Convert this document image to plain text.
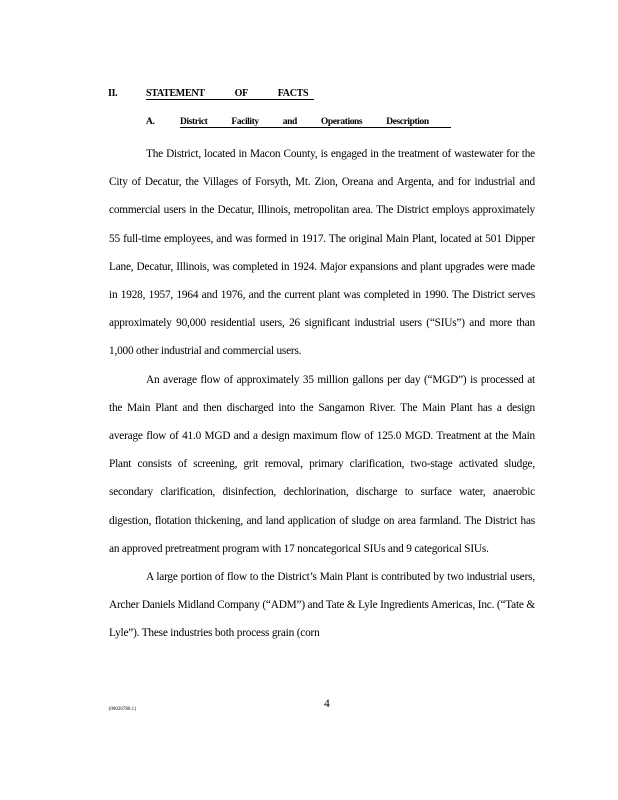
II.	STATEMENT OF FACTS
A.	District Facility and Operations Description

The District, located in Macon County, is engaged in the treatment of wastewater for the City of Decatur, the Villages of Forsyth, Mt. Zion, Oreana and Argenta, and for industrial and commercial users in the Decatur, Illinois, metropolitan area. The District employs approximately 55 full-time employees, and was formed in 1917. The original Main Plant, located at 501 Dipper Lane, Decatur, Illinois, was completed in 1924. Major expansions and plant upgrades were made in 1928, 1957, 1964 and 1976, and the current plant was completed in 1990. The District serves approximately 90,000 residential users, 26 significant industrial users (“SIUs”) and more than 1,000 other industrial and commercial users.

An average flow of approximately 35 million gallons per day (“MGD”) is processed at the Main Plant and then discharged into the Sangamon River. The Main Plant has a design average flow of 41.0 MGD and a design maximum flow of 125.0 MGD. Treatment at the Main Plant consists of screening, grit removal, primary clarification, two-stage activated sludge, secondary clarification, disinfection, dechlorination, discharge to surface water, anaerobic digestion, flotation thickening, and land application of sludge on area farmland. The District has an approved pretreatment program with 17 noncategorical SIUs and 9 categorical SIUs.

A large portion of flow to the District’s Main Plant is contributed by two industrial users, Archer Daniels Midland Company (“ADM”) and Tate & Lyle Ingredients Americas, Inc. (“Tate & Lyle”). These industries both process grain (corn

4
{00026780.1}
